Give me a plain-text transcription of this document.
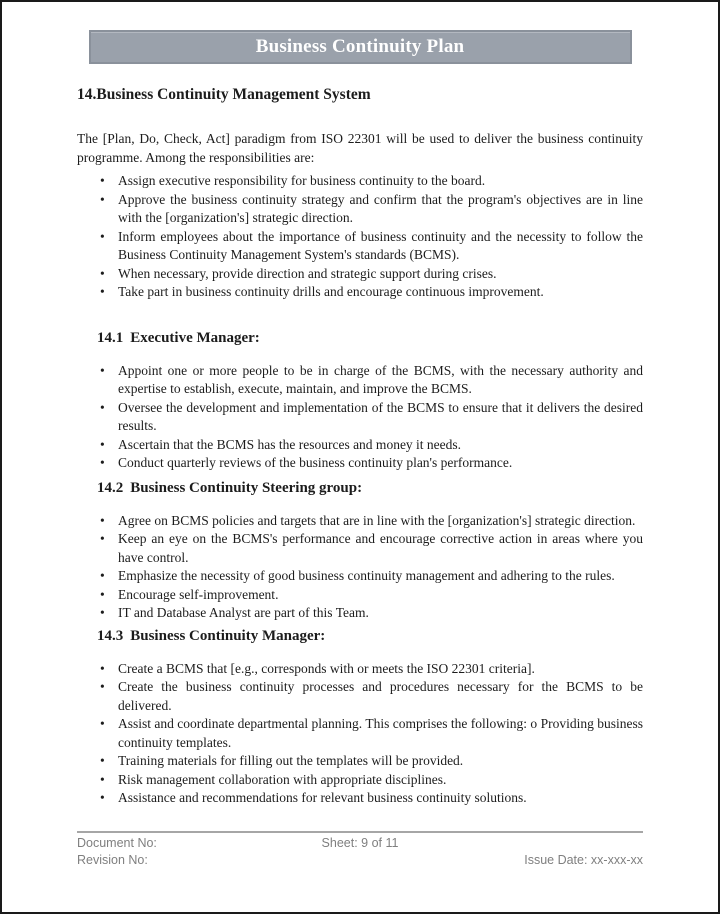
Business Continuity Plan
14.Business Continuity Management System

The [Plan, Do, Check, Act] paradigm from ISO 22301 will be used to deliver the business continuity programme. Among the responsibilities are:

• Assign executive responsibility for business continuity to the board.
• Approve the business continuity strategy and confirm that the program's objectives are in line with the [organization's] strategic direction.
• Inform employees about the importance of business continuity and the necessity to follow the Business Continuity Management System's standards (BCMS).
• When necessary, provide direction and strategic support during crises.
• Take part in business continuity drills and encourage continuous improvement.
14.1 Executive Manager:
• Appoint one or more people to be in charge of the BCMS, with the necessary authority and expertise to establish, execute, maintain, and improve the BCMS.
• Oversee the development and implementation of the BCMS to ensure that it delivers the desired results.
• Ascertain that the BCMS has the resources and money it needs.
• Conduct quarterly reviews of the business continuity plan's performance.
14.2 Business Continuity Steering group:
• Agree on BCMS policies and targets that are in line with the [organization's] strategic direction.
• Keep an eye on the BCMS's performance and encourage corrective action in areas where you have control.
• Emphasize the necessity of good business continuity management and adhering to the rules.
• Encourage self-improvement.
• IT and Database Analyst are part of this Team.
14.3 Business Continuity Manager:
• Create a BCMS that [e.g., corresponds with or meets the ISO 22301 criteria].
• Create the business continuity processes and procedures necessary for the BCMS to be delivered.
• Assist and coordinate departmental planning. This comprises the following: o Providing business continuity templates.
• Training materials for filling out the templates will be provided.
• Risk management collaboration with appropriate disciplines.
• Assistance and recommendations for relevant business continuity solutions.
Document No:	Sheet: 9 of 11
Revision No:	Issue Date: xx-xxx-xx
